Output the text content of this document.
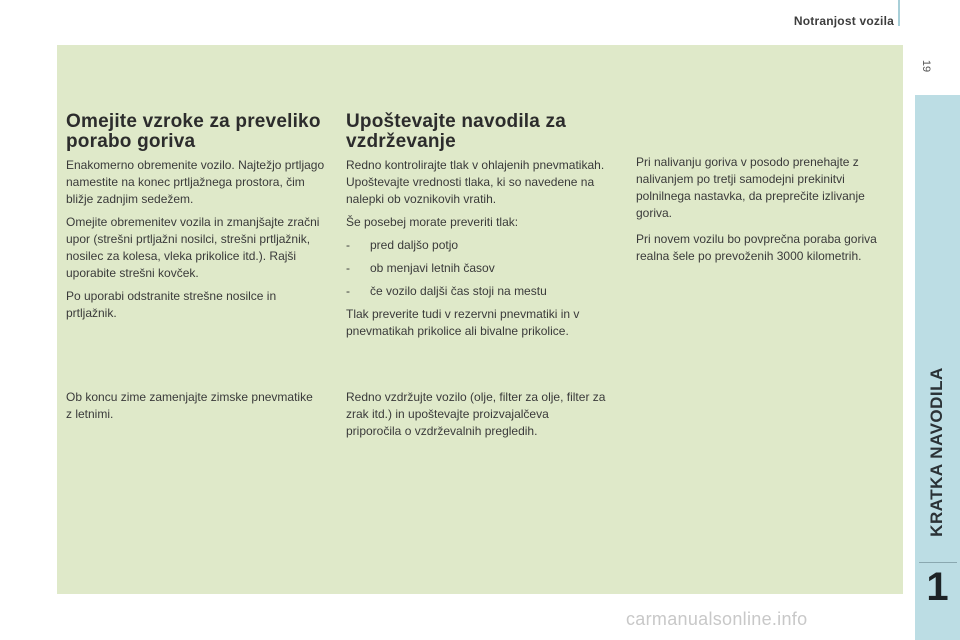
Notranjost vozila
19
KRATKA NAVODILA
1
Omejite vzroke za preveliko porabo goriva

Enakomerno obremenite vozilo. Najtežjo prtljago namestite na konec prtljažnega prostora, čim bližje zadnjim sedežem.

Omejite obremenitev vozila in zmanjšajte zračni upor (strešni prtljažni nosilci, strešni prtljažnik, nosilec za kolesa, vleka prikolice itd.). Rajši uporabite strešni kovček.

Po uporabi odstranite strešne nosilce in prtljažnik.

Upoštevajte navodila za vzdrževanje

Redno kontrolirajte tlak v ohlajenih pnevmatikah. Upoštevajte vrednosti tlaka, ki so navedene na nalepki ob voznikovih vratih.

Še posebej morate preveriti tlak:

- pred daljšo potjo
- ob menjavi letnih časov
- če vozilo daljši čas stoji na mestu

Tlak preverite tudi v rezervni pnevmatiki in v pnevmatikah prikolice ali bivalne prikolice.

Pri nalivanju goriva v posodo prenehajte z nalivanjem po tretji samodejni prekinitvi polnilnega nastavka, da preprečite izlivanje goriva.

Pri novem vozilu bo povprečna poraba goriva realna šele po prevoženih 3000 kilometrih.

Ob koncu zime zamenjajte zimske pnevmatike z letnimi.

Redno vzdržujte vozilo (olje, filter za olje, filter za zrak itd.) in upoštevajte proizvajalčeva priporočila o vzdrževalnih pregledih.

carmanualsonline.info
